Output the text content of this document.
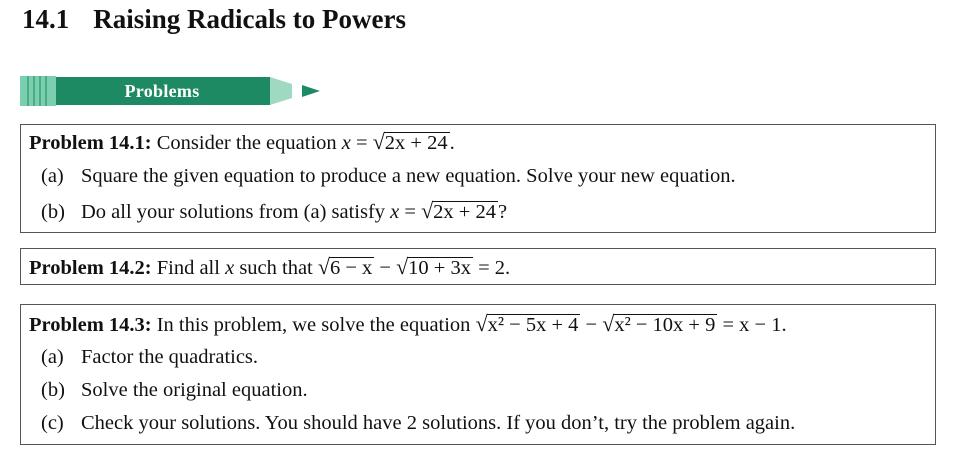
14.1 Raising Radicals to Powers
Problems
Problem 14.1: Consider the equation x = √2x + 24.
(a) Square the given equation to produce a new equation. Solve your new equation.
(b) Do all your solutions from (a) satisfy x = √2x + 24?
Problem 14.2: Find all x such that √6 − x − √10 + 3x = 2.
Problem 14.3: In this problem, we solve the equation √x² − 5x + 4 − √x² − 10x + 9 = x − 1.
(a) Factor the quadratics.
(b) Solve the original equation.
(c) Check your solutions. You should have 2 solutions. If you don’t, try the problem again.
